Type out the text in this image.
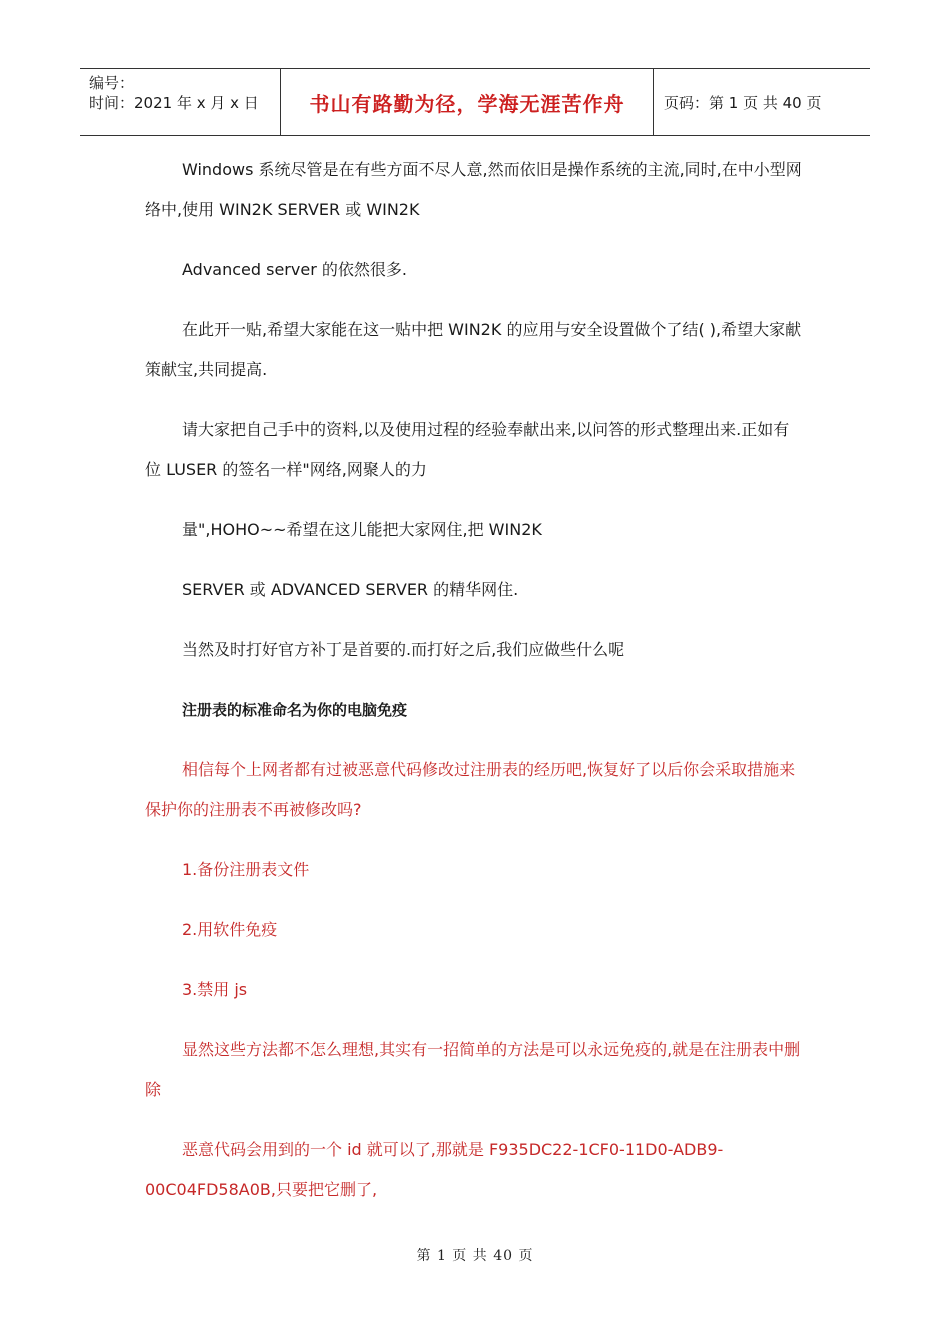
编号：
时间：2021 年 x 月 x 日	书山有路勤为径，学海无涯苦作舟	页码：第 1 页 共 40 页

Windows 系统尽管是在有些方面不尽人意,然而依旧是操作系统的主流,同时,在中小型网络中,使用 WIN2K SERVER 或 WIN2K

Advanced server 的依然很多.

在此开一贴,希望大家能在这一贴中把 WIN2K 的应用与安全设置做个了结( ),希望大家献策献宝,共同提高.

请大家把自己手中的资料,以及使用过程的经验奉献出来,以问答的形式整理出来.正如有位 LUSER 的签名一样"网络,网聚人的力

量",HOHO~~希望在这儿能把大家网住,把 WIN2K

SERVER 或 ADVANCED SERVER 的精华网住.

当然及时打好官方补丁是首要的.而打好之后,我们应做些什么呢

注册表的标准命名为你的电脑免疫

相信每个上网者都有过被恶意代码修改过注册表的经历吧,恢复好了以后你会采取措施来保护你的注册表不再被修改吗?

1.备份注册表文件

2.用软件免疫

3.禁用 js

显然这些方法都不怎么理想,其实有一招简单的方法是可以永远免疫的,就是在注册表中删除

恶意代码会用到的一个 id 就可以了,那就是 F935DC22-1CF0-11D0-ADB9-00C04FD58A0B,只要把它删了,

第 1 页 共 40 页
